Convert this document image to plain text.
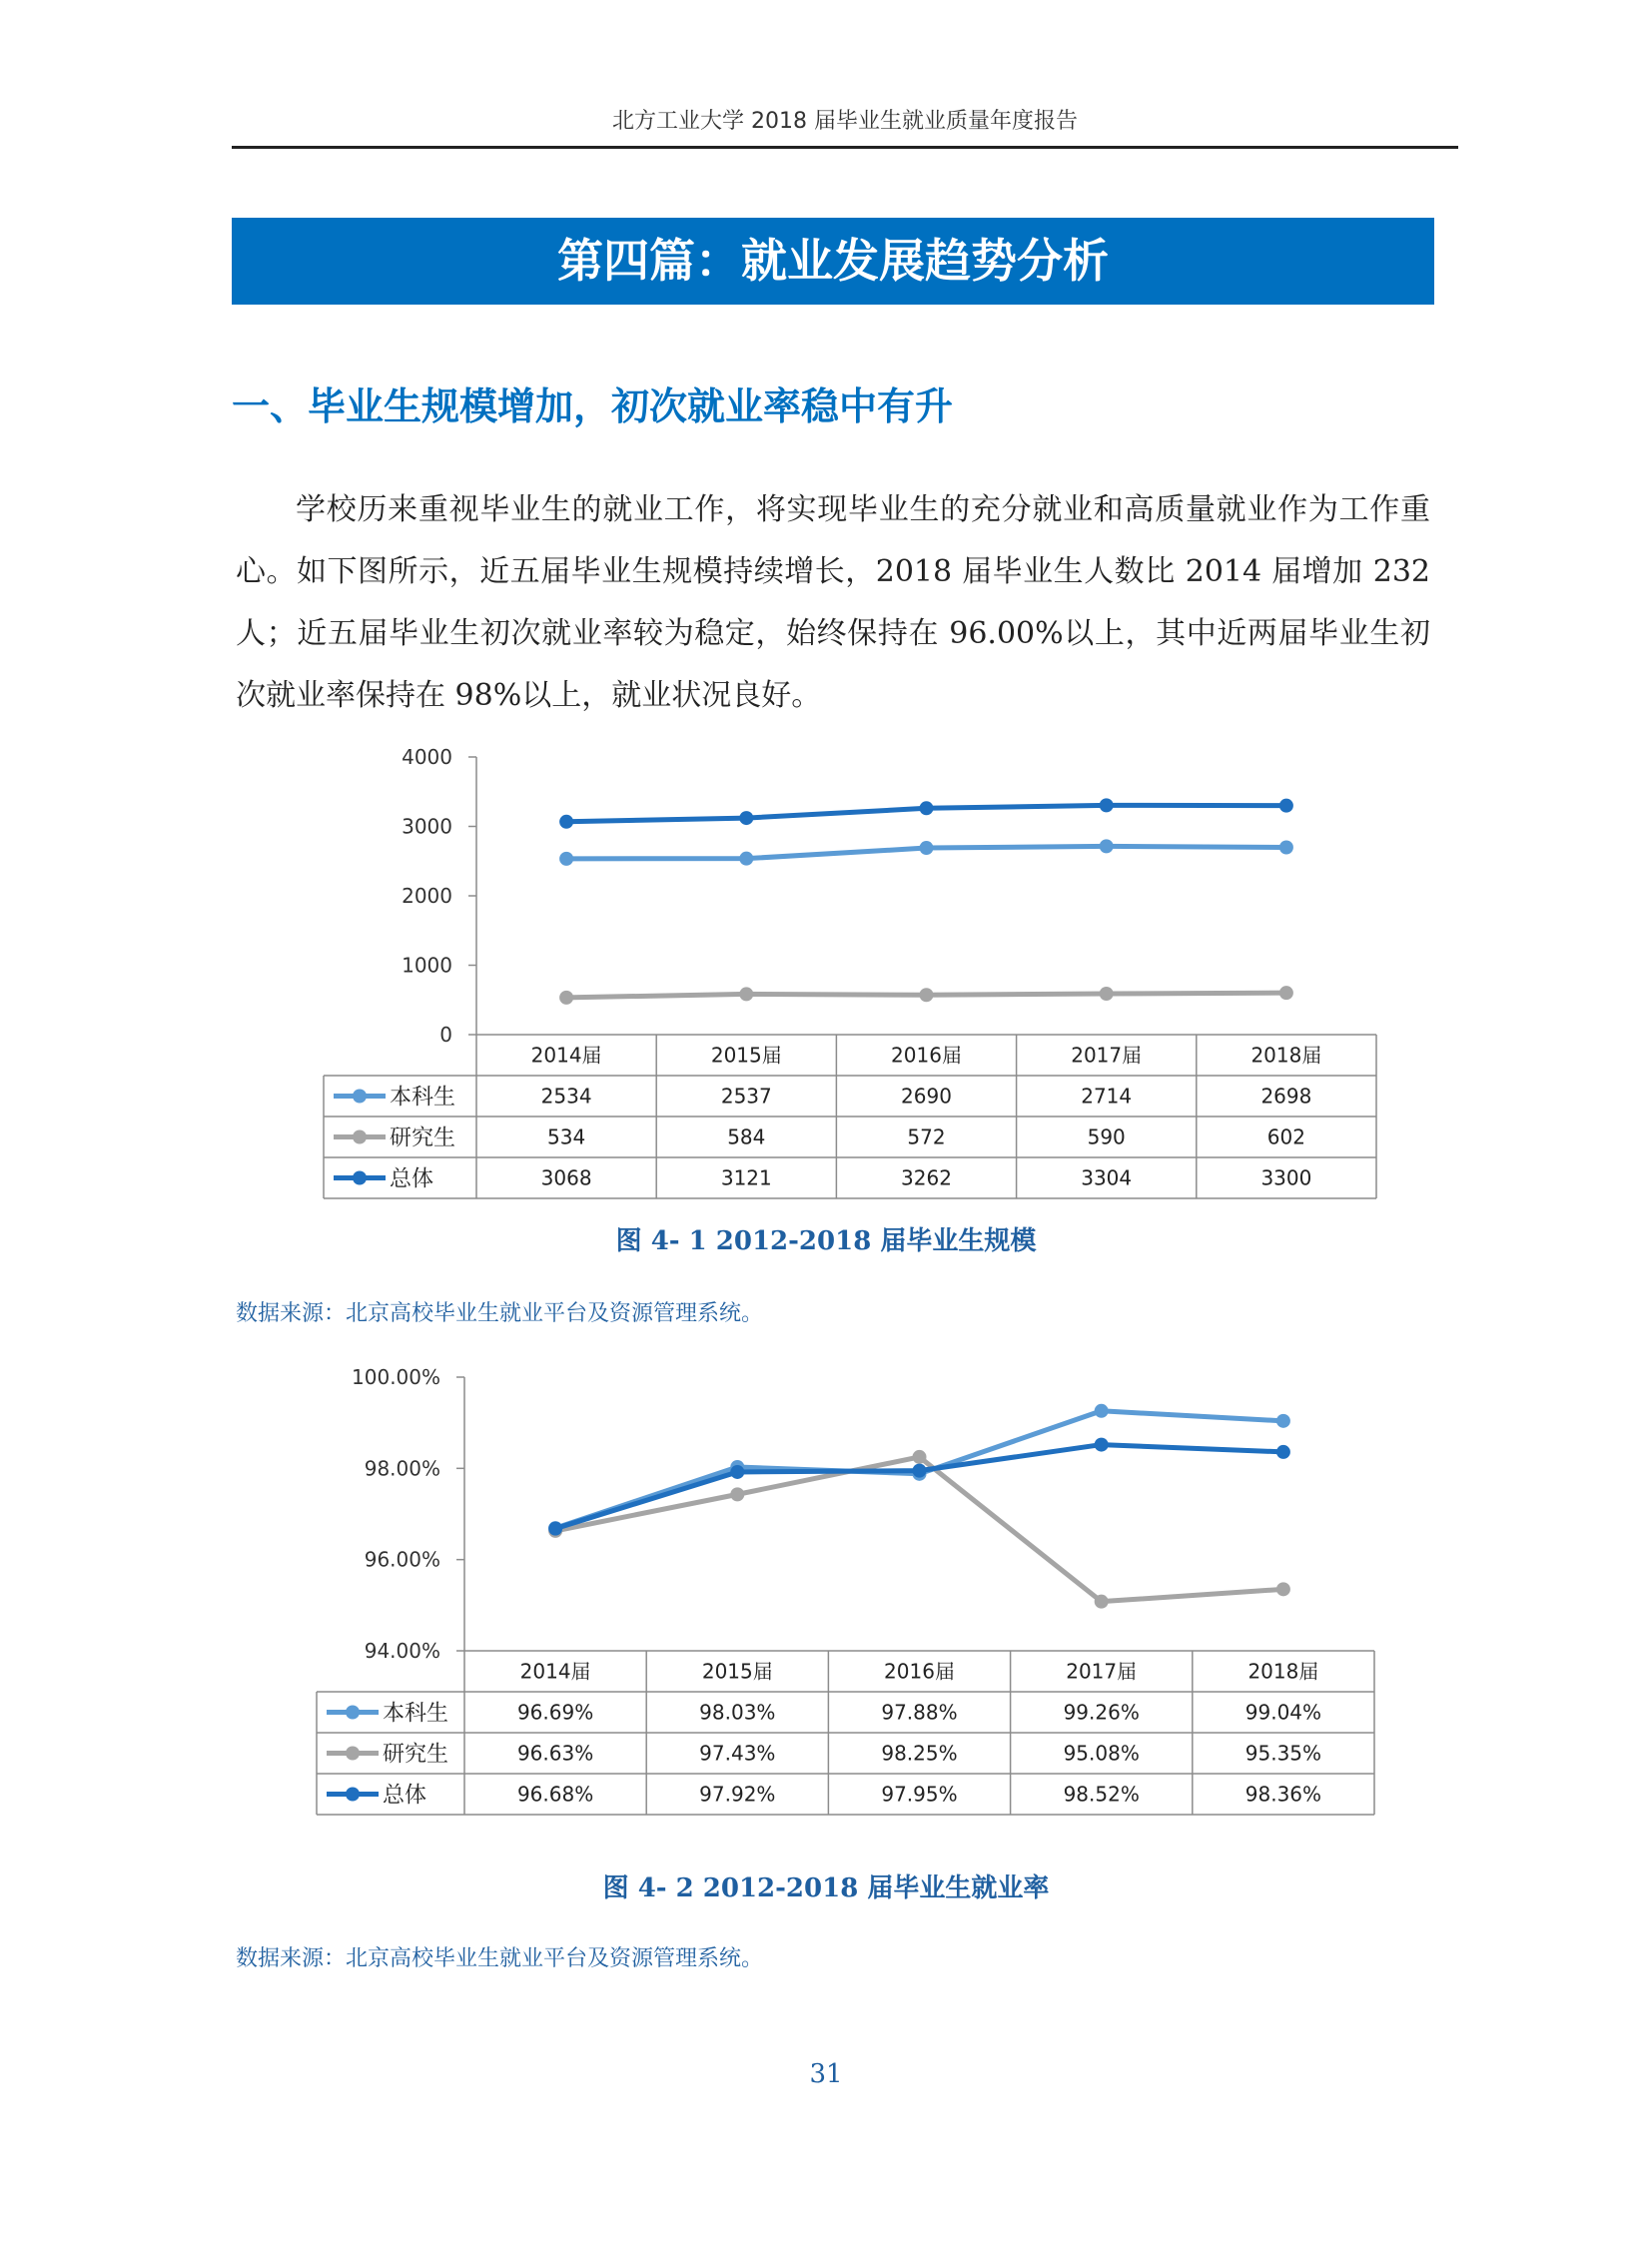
北方工业大学 2018 届毕业生就业质量年度报告
第四篇：就业发展趋势分析
一、毕业生规模增加，初次就业率稳中有升

学校历来重视毕业生的就业工作，将实现毕业生的充分就业和高质量就业作为工作重心。如下图所示，近五届毕业生规模持续增长，2018 届毕业生人数比 2014 届增加 232 人；近五届毕业生初次就业率较为稳定，始终保持在 96.00%以上，其中近两届毕业生初次就业率保持在 98%以上，就业状况良好。

0
1000
2000
3000
4000
2014届	2015届	2016届	2017届	2018届
本科生	2534	2537	2690	2714	2698
研究生	534	584	572	590	602
总体	3068	3121	3262	3304	3300
图 4- 1 2012-2018 届毕业生规模
数据来源：北京高校毕业生就业平台及资源管理系统。
94.00%
96.00%
98.00%
100.00%
2014届	2015届	2016届	2017届	2018届
本科生	96.69%	98.03%	97.88%	99.26%	99.04%
研究生	96.63%	97.43%	98.25%	95.08%	95.35%
总体	96.68%	97.92%	97.95%	98.52%	98.36%
图 4- 2 2012-2018 届毕业生就业率
数据来源：北京高校毕业生就业平台及资源管理系统。
31
